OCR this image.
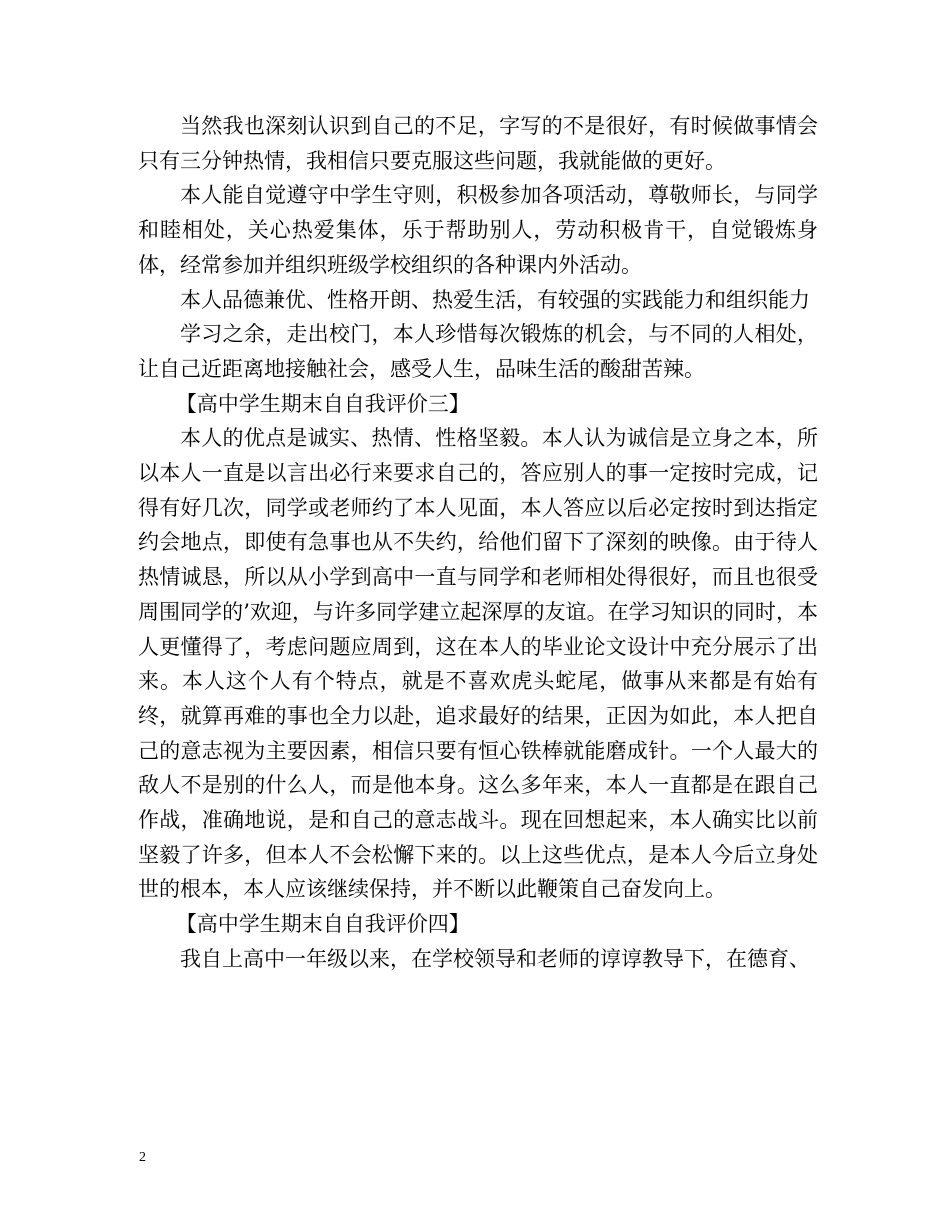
当然我也深刻认识到自己的不足，字写的不是很好，有时候做事情会只有三分钟热情，我相信只要克服这些问题，我就能做的更好。

本人能自觉遵守中学生守则，积极参加各项活动，尊敬师长，与同学和睦相处，关心热爱集体，乐于帮助别人，劳动积极肯干，自觉锻炼身体，经常参加并组织班级学校组织的各种课内外活动。

本人品德兼优、性格开朗、热爱生活，有较强的实践能力和组织能力

学习之余，走出校门，本人珍惜每次锻炼的机会，与不同的人相处，让自己近距离地接触社会，感受人生，品味生活的酸甜苦辣。

【高中学生期末自自我评价三】

本人的优点是诚实、热情、性格坚毅。本人认为诚信是立身之本，所以本人一直是以言出必行来要求自己的，答应别人的事一定按时完成，记得有好几次，同学或老师约了本人见面，本人答应以后必定按时到达指定约会地点，即使有急事也从不失约，给他们留下了深刻的映像。由于待人热情诚恳，所以从小学到高中一直与同学和老师相处得很好，而且也很受周围同学的’欢迎，与许多同学建立起深厚的友谊。在学习知识的同时，本人更懂得了，考虑问题应周到，这在本人的毕业论文设计中充分展示了出来。本人这个人有个特点，就是不喜欢虎头蛇尾，做事从来都是有始有终，就算再难的事也全力以赴，追求最好的结果，正因为如此，本人把自己的意志视为主要因素，相信只要有恒心铁棒就能磨成针。一个人最大的敌人不是别的什么人，而是他本身。这么多年来，本人一直都是在跟自己作战，准确地说，是和自己的意志战斗。现在回想起来，本人确实比以前坚毅了许多，但本人不会松懈下来的。以上这些优点，是本人今后立身处世的根本，本人应该继续保持，并不断以此鞭策自己奋发向上。

【高中学生期末自自我评价四】

我自上高中一年级以来，在学校领导和老师的谆谆教导下，在德育、

2
